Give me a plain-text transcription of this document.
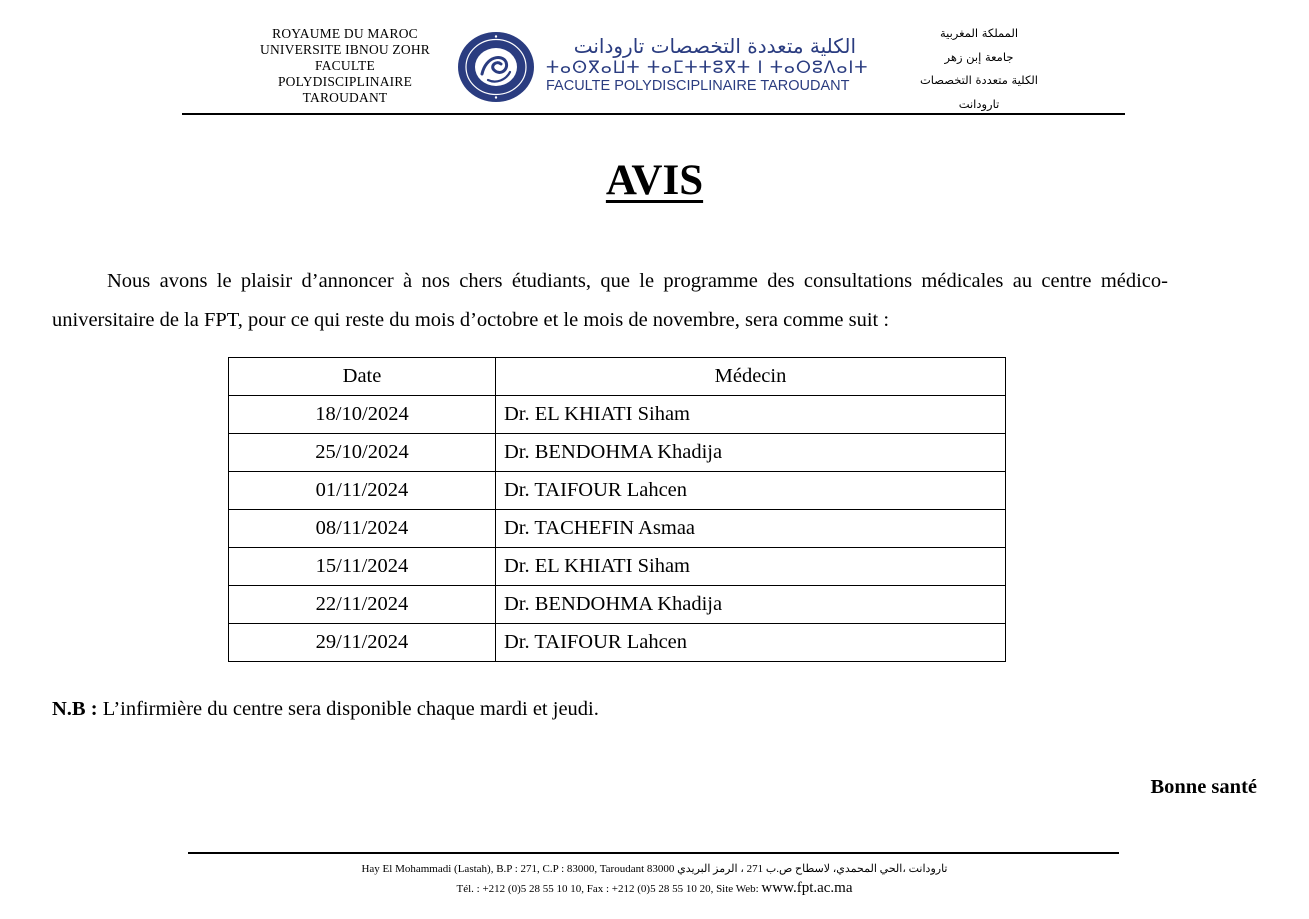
ROYAUME DU MAROC
UNIVERSITE IBNOU ZOHR
FACULTE
POLYDISCIPLINAIRE
TAROUDANT
الكلية متعددة التخصصات تارودانت
ⵜⴰⵙⴳⴰⵡⵜ ⵜⴰⵎⵜⵜⵓⴳⵜ ⵏ ⵜⴰⵔⵓⴷⴰⵏⵜ
FACULTE POLYDISCIPLINAIRE TAROUDANT
المملكة المغربية
جامعة إبن زهر
الكلية متعددة التخصصات
تارودانت
AVIS

Nous avons le plaisir d’annoncer à nos chers étudiants, que le programme des consultations médicales au centre médico-universitaire de la FPT, pour ce qui reste du mois d’octobre et le mois de novembre, sera comme suit :

Date	Médecin
18/10/2024	Dr. EL KHIATI Siham
25/10/2024	Dr. BENDOHMA Khadija
01/11/2024	Dr. TAIFOUR Lahcen
08/11/2024	Dr. TACHEFIN Asmaa
15/11/2024	Dr. EL KHIATI Siham
22/11/2024	Dr. BENDOHMA Khadija
29/11/2024	Dr. TAIFOUR Lahcen
N.B : L’infirmière du centre sera disponible chaque mardi et jeudi.
Bonne santé
Hay El Mohammadi (Lastah), B.P : 271, C.P : 83000, Taroudant 83000 تارودانت ،الحي المحمدي، لاسطاح ص.ب 271 ، الرمز البريدي
Tél. : +212 (0)5 28 55 10 10, Fax : +212 (0)5 28 55 10 20, Site Web: www.fpt.ac.ma
